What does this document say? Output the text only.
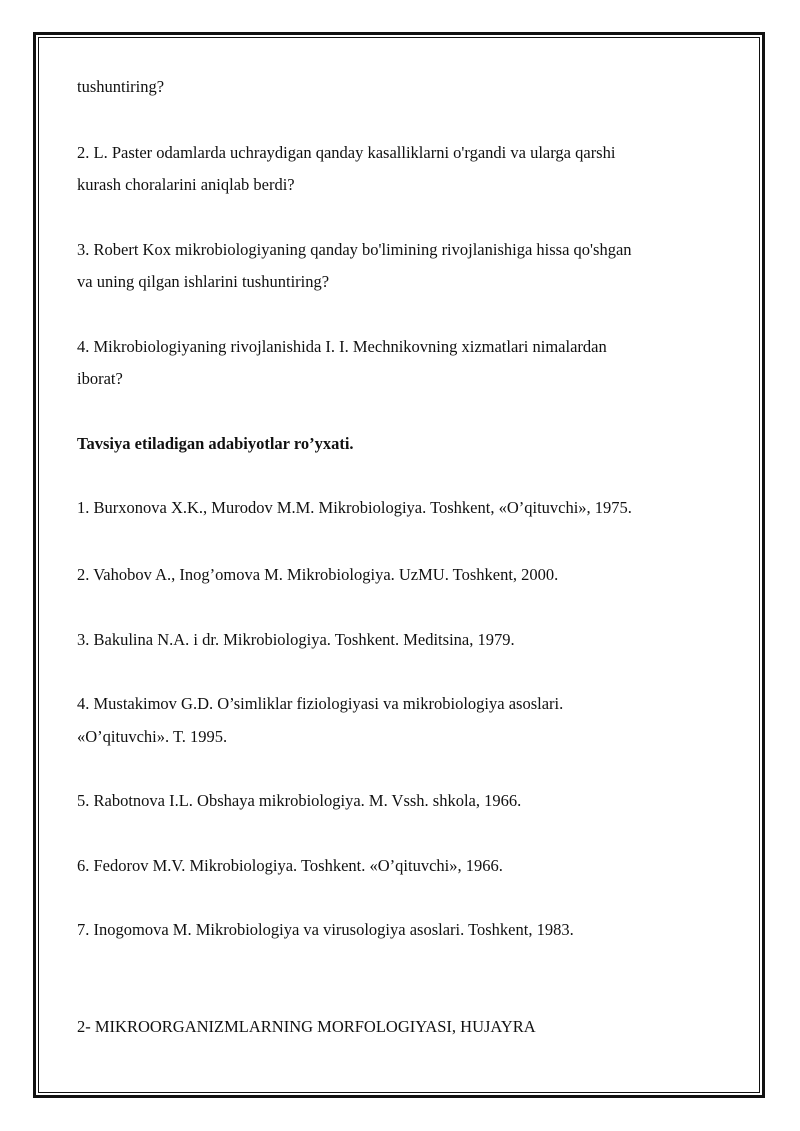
tushuntiring?

2. L. Paster odamlarda uchraydigan qanday kasalliklarni o'rgandi va ularga qarshi

kurash choralarini aniqlab berdi?

3. Robert Kox mikrobiologiyaning qanday bo'limining rivojlanishiga hissa qo'shgan

va uning qilgan ishlarini tushuntiring?

4. Mikrobiologiyaning rivojlanishida I. I. Mechnikovning xizmatlari nimalardan

iborat?

Tavsiya etiladigan adabiyotlar ro’yxati.

1. Burxonova X.K., Murodov M.M. Mikrobiologiya. Toshkent, «O’qituvchi», 1975.

2. Vahobov A., Inog’omova M. Mikrobiologiya. UzMU. Toshkent, 2000.

3. Bakulina N.A. i dr. Mikrobiologiya. Toshkent. Meditsina, 1979.

4. Mustakimov G.D. O’simliklar fiziologiyasi va mikrobiologiya asoslari.

«O’qituvchi». T. 1995.

5. Rabotnova I.L. Obshaya mikrobiologiya. M. Vssh. shkola, 1966.

6. Fedorov M.V. Mikrobiologiya. Toshkent. «O’qituvchi», 1966.

7. Inogomova M. Mikrobiologiya va virusologiya asoslari. Toshkent, 1983.

2- MIKROORGANIZMLARNING MORFOLOGIYASI, HUJAYRA
